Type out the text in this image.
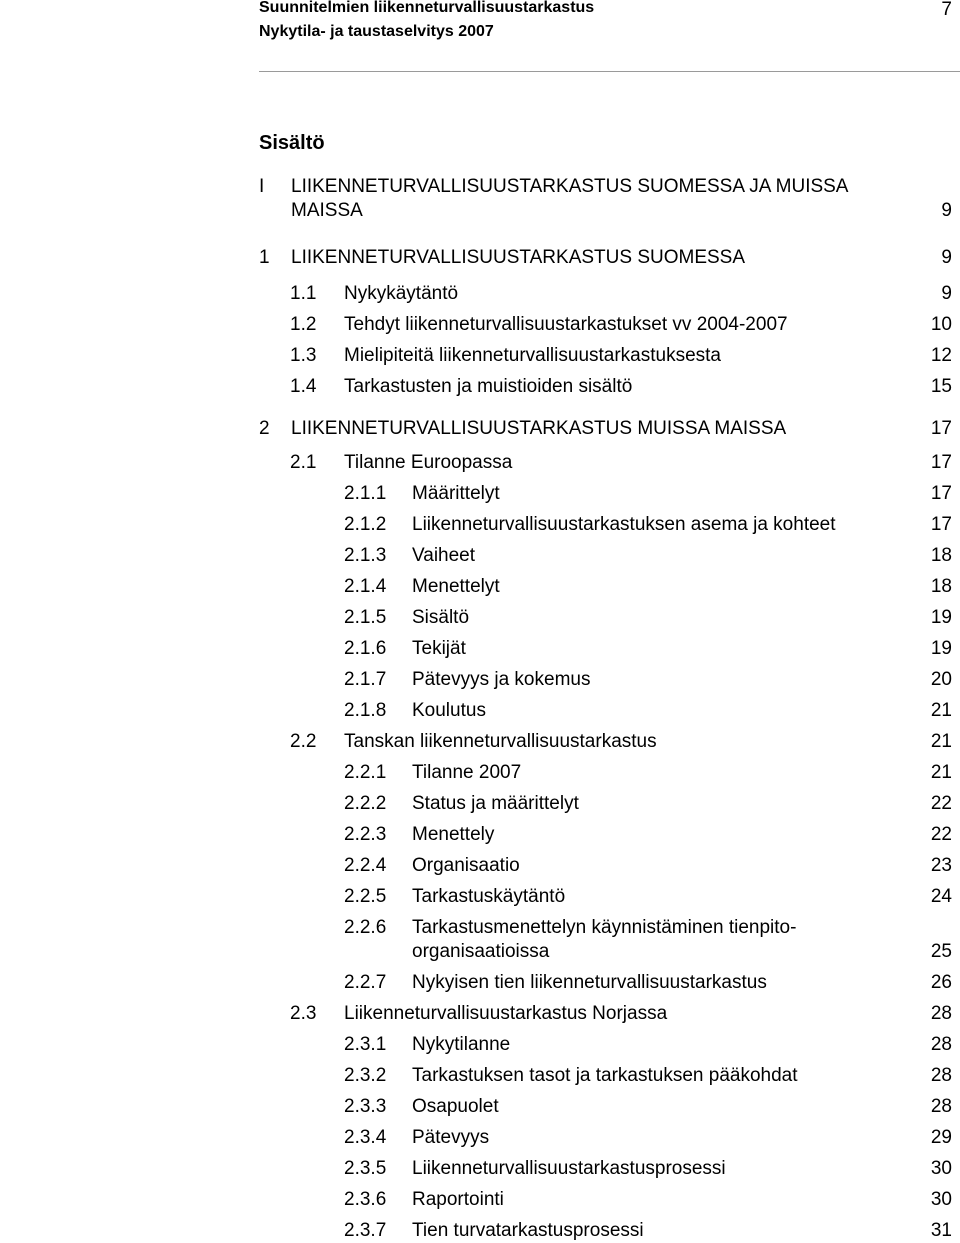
Suunnitelmien liikenneturvallisuustarkastus
Nykytila- ja taustaselvitys 2007
7
Sisältö
I LIIKENNETURVALLISUUSTARKASTUS SUOMESSA JA MUISSA
MAISSA	9
1 LIIKENNETURVALLISUUSTARKASTUS SUOMESSA	9
1.1 Nykykäytäntö	9
1.2 Tehdyt liikenneturvallisuustarkastukset vv 2004-2007	10
1.3 Mielipiteitä liikenneturvallisuustarkastuksesta	12
1.4 Tarkastusten ja muistioiden sisältö	15
2 LIIKENNETURVALLISUUSTARKASTUS MUISSA MAISSA	17
2.1 Tilanne Euroopassa	17
2.1.1 Määrittelyt	17
2.1.2 Liikenneturvallisuustarkastuksen asema ja kohteet	17
2.1.3 Vaiheet	18
2.1.4 Menettelyt	18
2.1.5 Sisältö	19
2.1.6 Tekijät	19
2.1.7 Pätevyys ja kokemus	20
2.1.8 Koulutus	21
2.2 Tanskan liikenneturvallisuustarkastus	21
2.2.1 Tilanne 2007	21
2.2.2 Status ja määrittelyt	22
2.2.3 Menettely	22
2.2.4 Organisaatio	23
2.2.5 Tarkastuskäytäntö	24
2.2.6 Tarkastusmenettelyn käynnistäminen tienpito-
organisaatioissa	25
2.2.7 Nykyisen tien liikenneturvallisuustarkastus	26
2.3 Liikenneturvallisuustarkastus Norjassa	28
2.3.1 Nykytilanne	28
2.3.2 Tarkastuksen tasot ja tarkastuksen pääkohdat	28
2.3.3 Osapuolet	28
2.3.4 Pätevyys	29
2.3.5 Liikenneturvallisuustarkastusprosessi	30
2.3.6 Raportointi	30
2.3.7 Tien turvatarkastusprosessi	31
